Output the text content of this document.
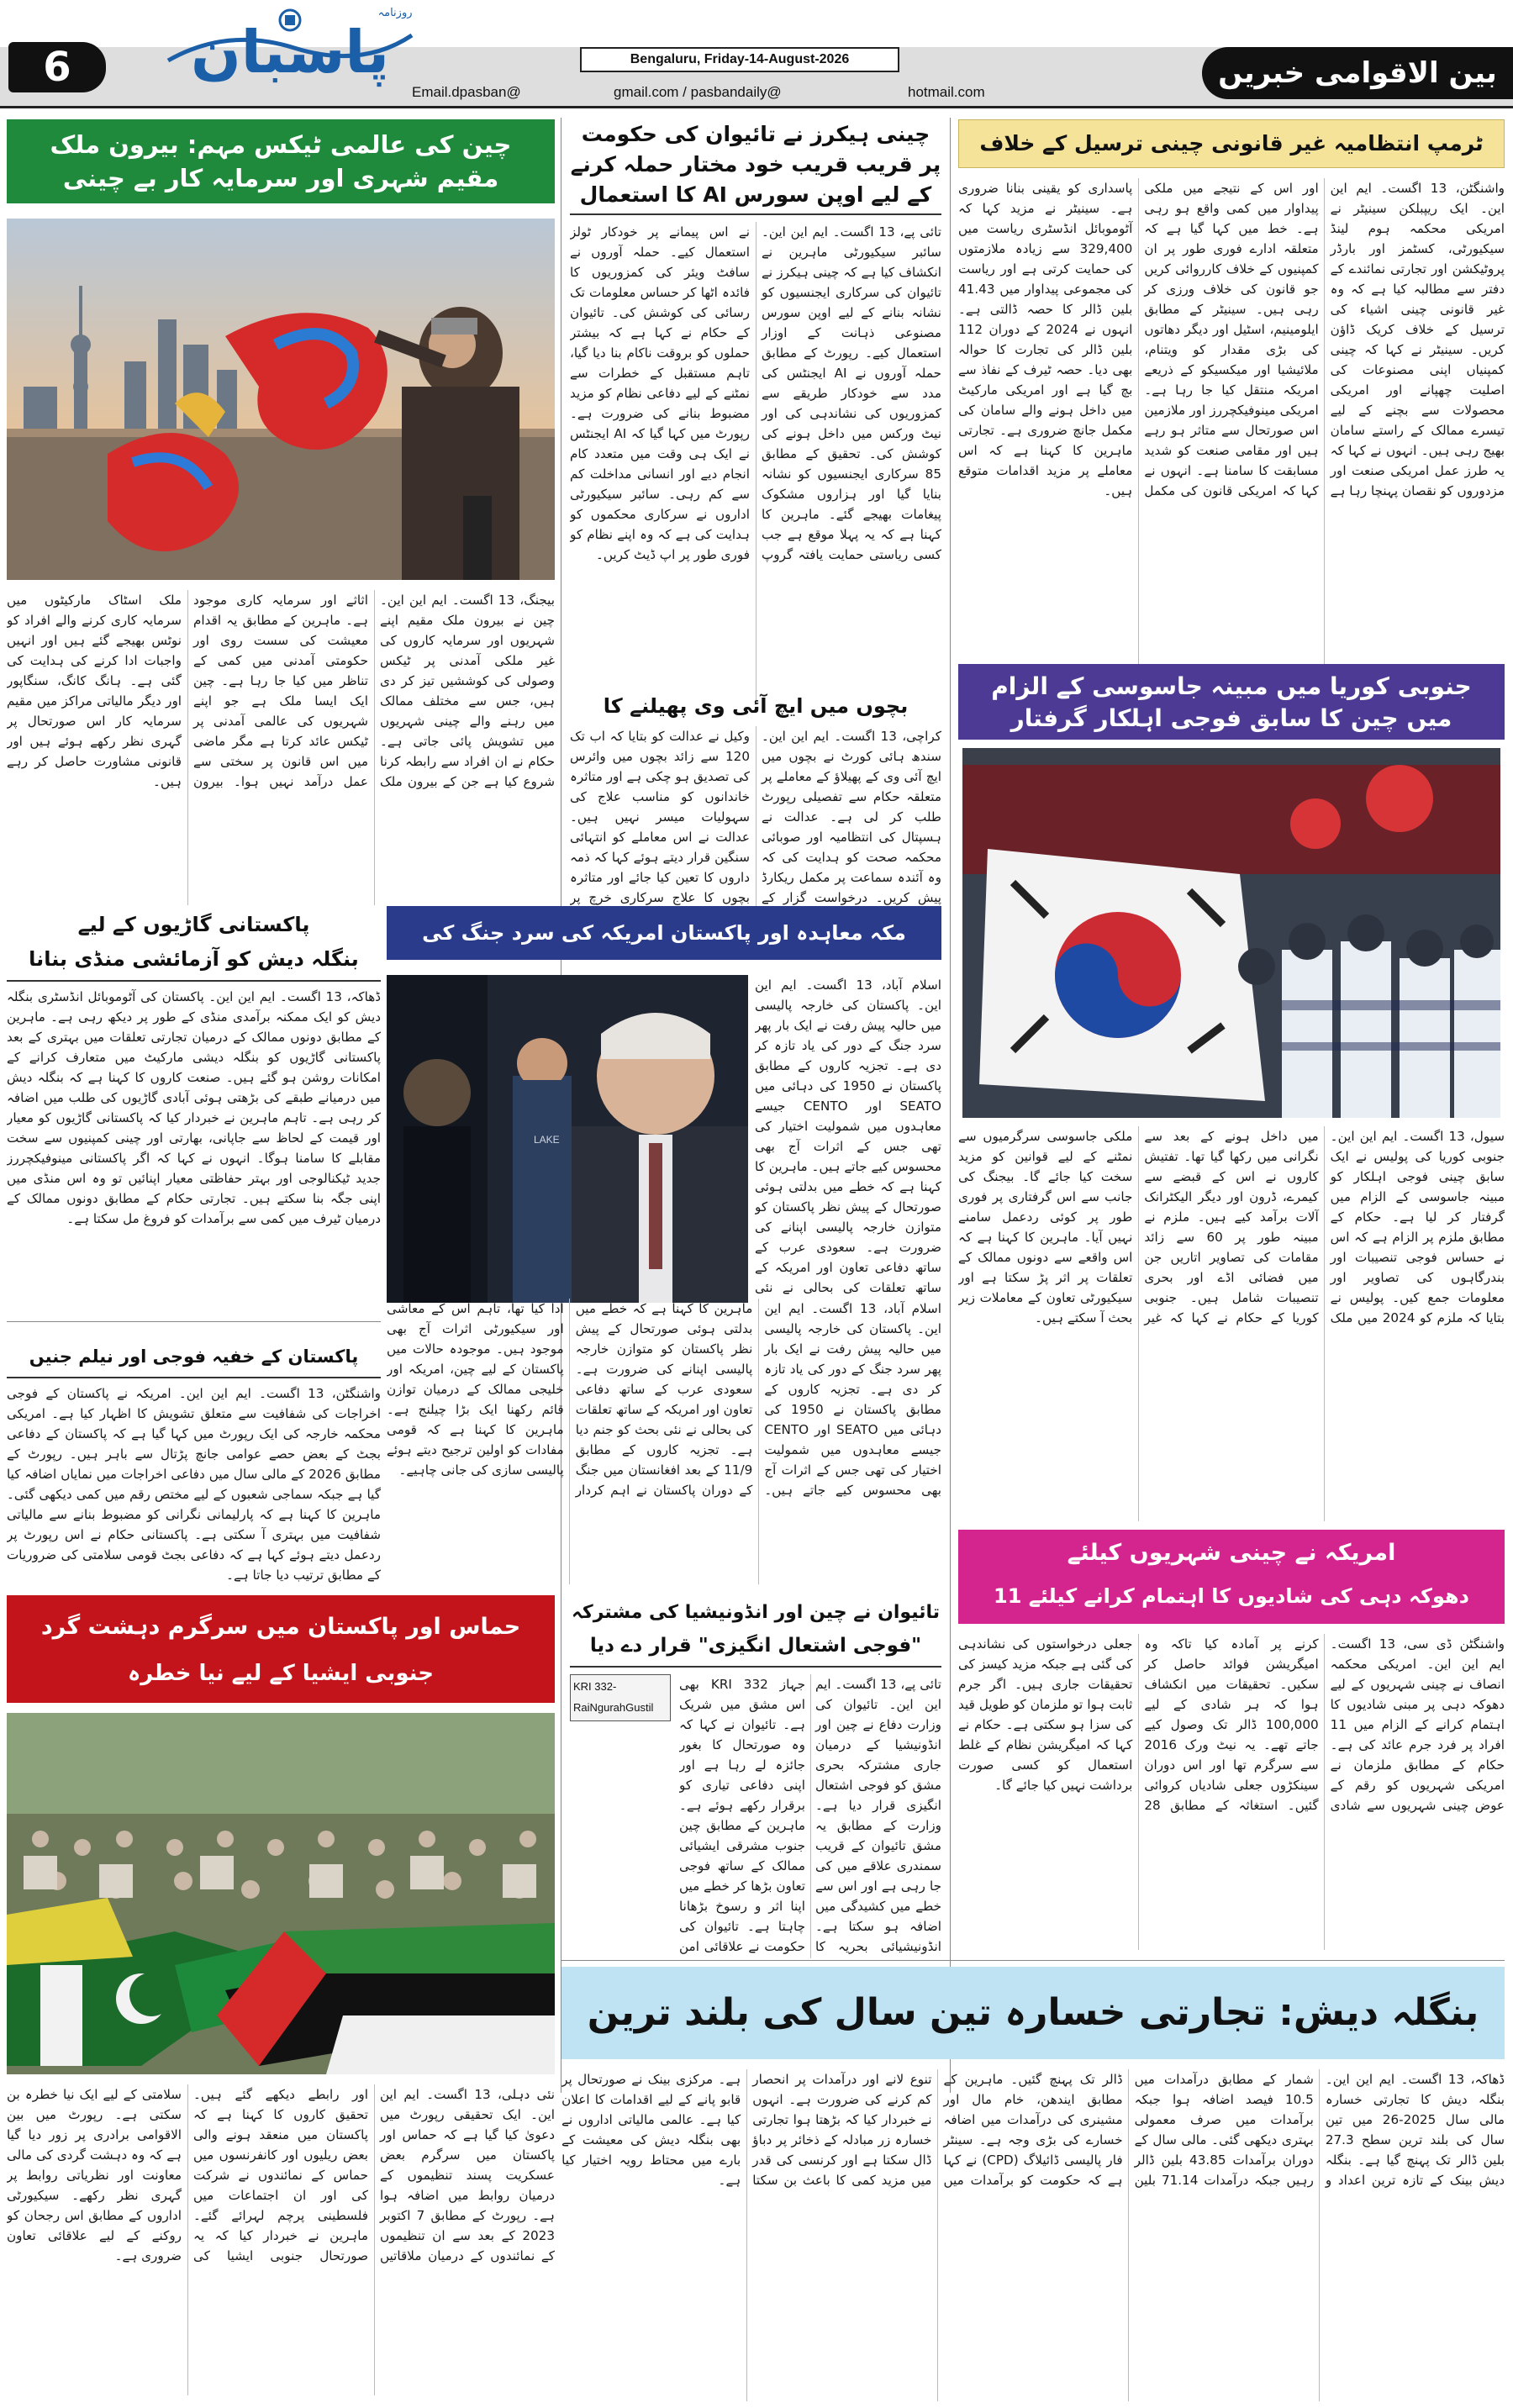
6	پاسبان
روزنامہ
Bengaluru, Friday-14-August-2026
Email.dpasban@	gmail.com / pasbandaily@	hotmail.com
بین الاقوامی خبریں
ٹرمپ انتظامیہ غیر قانونی چینی ترسیل کے خلاف
واشنگٹن، 13 اگست۔ ایم این این۔ ایک ریپبلکن سینیٹر نے امریکی محکمہ ہوم لینڈ سیکیورٹی، کسٹمز اور بارڈر پروٹیکشن اور تجارتی نمائندے کے دفتر سے مطالبہ کیا ہے کہ وہ غیر قانونی چینی اشیاء کی ترسیل کے خلاف کریک ڈاؤن کریں۔ سینیٹر نے کہا کہ چینی کمپنیاں اپنی مصنوعات کی اصلیت چھپانے اور امریکی محصولات سے بچنے کے لیے تیسرے ممالک کے راستے سامان بھیج رہی ہیں۔ انہوں نے کہا کہ یہ طرز عمل امریکی صنعت اور مزدوروں کو نقصان پہنچا رہا ہے اور اس کے نتیجے میں ملکی پیداوار میں کمی واقع ہو رہی ہے۔ خط میں کہا گیا ہے کہ متعلقہ ادارے فوری طور پر ان کمپنیوں کے خلاف کارروائی کریں جو قانون کی خلاف ورزی کر رہی ہیں۔ سینیٹر کے مطابق ایلومینیم، اسٹیل اور دیگر دھاتوں کی بڑی مقدار کو ویتنام، ملائیشیا اور میکسیکو کے ذریعے امریکہ منتقل کیا جا رہا ہے۔ امریکی مینوفیکچررز اور ملازمین اس صورتحال سے متاثر ہو رہے ہیں اور مقامی صنعت کو شدید مسابقت کا سامنا ہے۔ انہوں نے کہا کہ امریکی قانون کی مکمل پاسداری کو یقینی بنانا ضروری ہے۔ سینیٹر نے مزید کہا کہ آٹوموبائل انڈسٹری ریاست میں 329,400 سے زیادہ ملازمتوں کی حمایت کرتی ہے اور ریاست کی مجموعی پیداوار میں 41.43 بلین ڈالر کا حصہ ڈالتی ہے۔ انہوں نے 2024 کے دوران 112 بلین ڈالر کی تجارت کا حوالہ بھی دیا۔ حصہ ٹیرف کے نفاذ سے بچ گیا ہے اور امریکی مارکیٹ میں داخل ہونے والے سامان کی مکمل جانچ ضروری ہے۔ تجارتی ماہرین کا کہنا ہے کہ اس معاملے پر مزید اقدامات متوقع ہیں۔
جنوبی کوریا میں مبینہ جاسوسی کے الزام میں چین کا سابق فوجی اہلکار گرفتار
سیول، 13 اگست۔ ایم این این۔ جنوبی کوریا کی پولیس نے ایک سابق چینی فوجی اہلکار کو مبینہ جاسوسی کے الزام میں گرفتار کر لیا ہے۔ حکام کے مطابق ملزم پر الزام ہے کہ اس نے حساس فوجی تنصیبات اور بندرگاہوں کی تصاویر اور معلومات جمع کیں۔ پولیس نے بتایا کہ ملزم کو 2024 میں ملک میں داخل ہونے کے بعد سے نگرانی میں رکھا گیا تھا۔ تفتیش کاروں نے اس کے قبضے سے کیمرے، ڈرون اور دیگر الیکٹرانک آلات برآمد کیے ہیں۔ ملزم نے مبینہ طور پر 60 سے زائد مقامات کی تصاویر اتاریں جن میں فضائی اڈے اور بحری تنصیبات شامل ہیں۔ جنوبی کوریا کے حکام نے کہا کہ غیر ملکی جاسوسی سرگرمیوں سے نمٹنے کے لیے قوانین کو مزید سخت کیا جائے گا۔ بیجنگ کی جانب سے اس گرفتاری پر فوری طور پر کوئی ردعمل سامنے نہیں آیا۔ ماہرین کا کہنا ہے کہ اس واقعے سے دونوں ممالک کے تعلقات پر اثر پڑ سکتا ہے اور سیکیورٹی تعاون کے معاملات زیر بحث آ سکتے ہیں۔
امریکہ نے چینی شہریوں کیلئے
دھوکہ دہی کی شادیوں کا اہتمام کرانے کیلئے 11
واشنگٹن ڈی سی، 13 اگست۔ ایم این این۔ امریکی محکمہ انصاف نے چینی شہریوں کے لیے دھوکہ دہی پر مبنی شادیوں کا اہتمام کرانے کے الزام میں 11 افراد پر فرد جرم عائد کی ہے۔ حکام کے مطابق ملزمان نے امریکی شہریوں کو رقم کے عوض چینی شہریوں سے شادی کرنے پر آمادہ کیا تاکہ وہ امیگریشن فوائد حاصل کر سکیں۔ تحقیقات میں انکشاف ہوا کہ ہر شادی کے لیے 100,000 ڈالر تک وصول کیے جاتے تھے۔ یہ نیٹ ورک 2016 سے سرگرم تھا اور اس دوران سینکڑوں جعلی شادیاں کروائی گئیں۔ استغاثہ کے مطابق 28 جعلی درخواستوں کی نشاندہی کی گئی ہے جبکہ مزید کیسز کی تحقیقات جاری ہیں۔ اگر جرم ثابت ہوا تو ملزمان کو طویل قید کی سزا ہو سکتی ہے۔ حکام نے کہا کہ امیگریشن نظام کے غلط استعمال کو کسی صورت برداشت نہیں کیا جائے گا۔
چینی ہیکرز نے تائیوان کی حکومت پر قریب قریب خود مختار حملہ کرنے کے لیے اوپن سورس AI کا استعمال
تائی پے، 13 اگست۔ ایم این این۔ سائبر سیکیورٹی ماہرین نے انکشاف کیا ہے کہ چینی ہیکرز نے تائیوان کی سرکاری ایجنسیوں کو نشانہ بنانے کے لیے اوپن سورس مصنوعی ذہانت کے اوزار استعمال کیے۔ رپورٹ کے مطابق حملہ آوروں نے AI ایجنٹس کی مدد سے خودکار طریقے سے کمزوریوں کی نشاندہی کی اور نیٹ ورکس میں داخل ہونے کی کوشش کی۔ تحقیق کے مطابق 85 سرکاری ایجنسیوں کو نشانہ بنایا گیا اور ہزاروں مشکوک پیغامات بھیجے گئے۔ ماہرین کا کہنا ہے کہ یہ پہلا موقع ہے جب کسی ریاستی حمایت یافتہ گروپ نے اس پیمانے پر خودکار ٹولز استعمال کیے۔ حملہ آوروں نے سافٹ ویئر کی کمزوریوں کا فائدہ اٹھا کر حساس معلومات تک رسائی کی کوشش کی۔ تائیوان کے حکام نے کہا ہے کہ بیشتر حملوں کو بروقت ناکام بنا دیا گیا، تاہم مستقبل کے خطرات سے نمٹنے کے لیے دفاعی نظام کو مزید مضبوط بنانے کی ضرورت ہے۔ رپورٹ میں کہا گیا کہ AI ایجنٹس نے ایک ہی وقت میں متعدد کام انجام دیے اور انسانی مداخلت کم سے کم رہی۔ سائبر سیکیورٹی اداروں نے سرکاری محکموں کو ہدایت کی ہے کہ وہ اپنے نظام کو فوری طور پر اپ ڈیٹ کریں۔
بچوں میں ایچ آئی وی پھیلنے کا
کراچی، 13 اگست۔ ایم این این۔ سندھ ہائی کورٹ نے بچوں میں ایچ آئی وی کے پھیلاؤ کے معاملے پر متعلقہ حکام سے تفصیلی رپورٹ طلب کر لی ہے۔ عدالت نے ہسپتال کی انتظامیہ اور صوبائی محکمہ صحت کو ہدایت کی کہ وہ آئندہ سماعت پر مکمل ریکارڈ پیش کریں۔ درخواست گزار کے وکیل نے عدالت کو بتایا کہ اب تک 120 سے زائد بچوں میں وائرس کی تصدیق ہو چکی ہے اور متاثرہ خاندانوں کو مناسب علاج کی سہولیات میسر نہیں ہیں۔ عدالت نے اس معاملے کو انتہائی سنگین قرار دیتے ہوئے کہا کہ ذمہ داروں کا تعین کیا جائے اور متاثرہ بچوں کا علاج سرکاری خرچ پر
مکہ معاہدہ اور پاکستان امریکہ کی سرد جنگ کی
LAKE
اسلام آباد، 13 اگست۔ ایم این این۔ پاکستان کی خارجہ پالیسی میں حالیہ پیش رفت نے ایک بار پھر سرد جنگ کے دور کی یاد تازہ کر دی ہے۔ تجزیہ کاروں کے مطابق پاکستان نے 1950 کی دہائی میں SEATO اور CENTO جیسے معاہدوں میں شمولیت اختیار کی تھی جس کے اثرات آج بھی محسوس کیے جاتے ہیں۔ ماہرین کا کہنا ہے کہ خطے میں بدلتی ہوئی صورتحال کے پیش نظر پاکستان کو متوازن خارجہ پالیسی اپنانے کی ضرورت ہے۔ سعودی عرب کے ساتھ دفاعی تعاون اور امریکہ کے ساتھ تعلقات کی بحالی نے نئی
اسلام آباد، 13 اگست۔ ایم این این۔ پاکستان کی خارجہ پالیسی میں حالیہ پیش رفت نے ایک بار پھر سرد جنگ کے دور کی یاد تازہ کر دی ہے۔ تجزیہ کاروں کے مطابق پاکستان نے 1950 کی دہائی میں SEATO اور CENTO جیسے معاہدوں میں شمولیت اختیار کی تھی جس کے اثرات آج بھی محسوس کیے جاتے ہیں۔ ماہرین کا کہنا ہے کہ خطے میں بدلتی ہوئی صورتحال کے پیش نظر پاکستان کو متوازن خارجہ پالیسی اپنانے کی ضرورت ہے۔ سعودی عرب کے ساتھ دفاعی تعاون اور امریکہ کے ساتھ تعلقات کی بحالی نے نئی بحث کو جنم دیا ہے۔ تجزیہ کاروں کے مطابق 11/9 کے بعد افغانستان میں جنگ کے دوران پاکستان نے اہم کردار ادا کیا تھا، تاہم اس کے معاشی اور سیکیورٹی اثرات آج بھی موجود ہیں۔ موجودہ حالات میں پاکستان کے لیے چین، امریکہ اور خلیجی ممالک کے درمیان توازن قائم رکھنا ایک بڑا چیلنج ہے۔ ماہرین کا کہنا ہے کہ قومی مفادات کو اولین ترجیح دیتے ہوئے پالیسی سازی کی جانی چاہیے۔
تائیوان نے چین اور انڈونیشیا کی مشترکہ
"فوجی اشتعال انگیزی" قرار دے دیا
KRI 332-RaiNgurahGustil
تائی پے، 13 اگست۔ ایم این این۔ تائیوان کی وزارت دفاع نے چین اور انڈونیشیا کے درمیان جاری مشترکہ بحری مشق کو فوجی اشتعال انگیزی قرار دیا ہے۔ وزارت کے مطابق یہ مشق تائیوان کے قریب سمندری علاقے میں کی جا رہی ہے اور اس سے خطے میں کشیدگی میں اضافہ ہو سکتا ہے۔ انڈونیشیائی بحریہ کا جہاز KRI 332 بھی اس مشق میں شریک ہے۔ تائیوان نے کہا کہ وہ صورتحال کا بغور جائزہ لے رہا ہے اور اپنی دفاعی تیاری کو برقرار رکھے ہوئے ہے۔ ماہرین کے مطابق چین جنوب مشرقی ایشیائی ممالک کے ساتھ فوجی تعاون بڑھا کر خطے میں اپنا اثر و رسوخ بڑھانا چاہتا ہے۔ تائیوان کی حکومت نے علاقائی امن
چین کی عالمی ٹیکس مہم: بیرون ملک مقیم شہری اور سرمایہ کار بے چینی
بیجنگ، 13 اگست۔ ایم این این۔ چین نے بیرون ملک مقیم اپنے شہریوں اور سرمایہ کاروں کی غیر ملکی آمدنی پر ٹیکس وصولی کی کوششیں تیز کر دی ہیں، جس سے مختلف ممالک میں رہنے والے چینی شہریوں میں تشویش پائی جاتی ہے۔ حکام نے ان افراد سے رابطہ کرنا شروع کیا ہے جن کے بیرون ملک اثاثے اور سرمایہ کاری موجود ہے۔ ماہرین کے مطابق یہ اقدام معیشت کی سست روی اور حکومتی آمدنی میں کمی کے تناظر میں کیا جا رہا ہے۔ چین ایک ایسا ملک ہے جو اپنے شہریوں کی عالمی آمدنی پر ٹیکس عائد کرتا ہے مگر ماضی میں اس قانون پر سختی سے عمل درآمد نہیں ہوا۔ بیرون ملک اسٹاک مارکیٹوں میں سرمایہ کاری کرنے والے افراد کو نوٹس بھیجے گئے ہیں اور انہیں واجبات ادا کرنے کی ہدایت کی گئی ہے۔ ہانگ کانگ، سنگاپور اور دیگر مالیاتی مراکز میں مقیم سرمایہ کار اس صورتحال پر گہری نظر رکھے ہوئے ہیں اور قانونی مشاورت حاصل کر رہے ہیں۔
پاکستانی گاڑیوں کے لیے
بنگلہ دیش کو آزمائشی منڈی بنانا
ڈھاکہ، 13 اگست۔ ایم این این۔ پاکستان کی آٹوموبائل انڈسٹری بنگلہ دیش کو ایک ممکنہ برآمدی منڈی کے طور پر دیکھ رہی ہے۔ ماہرین کے مطابق دونوں ممالک کے درمیان تجارتی تعلقات میں بہتری کے بعد پاکستانی گاڑیوں کو بنگلہ دیشی مارکیٹ میں متعارف کرانے کے امکانات روشن ہو گئے ہیں۔ صنعت کاروں کا کہنا ہے کہ بنگلہ دیش میں درمیانے طبقے کی بڑھتی ہوئی آبادی گاڑیوں کی طلب میں اضافہ کر رہی ہے۔ تاہم ماہرین نے خبردار کیا کہ پاکستانی گاڑیوں کو معیار اور قیمت کے لحاظ سے جاپانی، بھارتی اور چینی کمپنیوں سے سخت مقابلے کا سامنا ہوگا۔ انہوں نے کہا کہ اگر پاکستانی مینوفیکچررز جدید ٹیکنالوجی اور بہتر حفاظتی معیار اپنائیں تو وہ اس منڈی میں اپنی جگہ بنا سکتے ہیں۔ تجارتی حکام کے مطابق دونوں ممالک کے درمیان ٹیرف میں کمی سے برآمدات کو فروغ مل سکتا ہے۔
پاکستان کے خفیہ فوجی اور نیلم جنیں
واشنگٹن، 13 اگست۔ ایم این این۔ امریکہ نے پاکستان کے فوجی اخراجات کی شفافیت سے متعلق تشویش کا اظہار کیا ہے۔ امریکی محکمہ خارجہ کی ایک رپورٹ میں کہا گیا ہے کہ پاکستان کے دفاعی بجٹ کے بعض حصے عوامی جانچ پڑتال سے باہر ہیں۔ رپورٹ کے مطابق 2026 کے مالی سال میں دفاعی اخراجات میں نمایاں اضافہ کیا گیا ہے جبکہ سماجی شعبوں کے لیے مختص رقم میں کمی دیکھی گئی۔ ماہرین کا کہنا ہے کہ پارلیمانی نگرانی کو مضبوط بنانے سے مالیاتی شفافیت میں بہتری آ سکتی ہے۔ پاکستانی حکام نے اس رپورٹ پر ردعمل دیتے ہوئے کہا ہے کہ دفاعی بجٹ قومی سلامتی کی ضروریات کے مطابق ترتیب دیا جاتا ہے۔
حماس اور پاکستان میں سرگرم دہشت گرد
جنوبی ایشیا کے لیے نیا خطرہ
نئی دہلی، 13 اگست۔ ایم این این۔ ایک تحقیقی رپورٹ میں دعویٰ کیا گیا ہے کہ حماس اور پاکستان میں سرگرم بعض عسکریت پسند تنظیموں کے درمیان روابط میں اضافہ ہوا ہے۔ رپورٹ کے مطابق 7 اکتوبر 2023 کے بعد سے ان تنظیموں کے نمائندوں کے درمیان ملاقاتیں اور رابطے دیکھے گئے ہیں۔ تحقیق کاروں کا کہنا ہے کہ پاکستان میں منعقد ہونے والی بعض ریلیوں اور کانفرنسوں میں حماس کے نمائندوں نے شرکت کی اور ان اجتماعات میں فلسطینی پرچم لہرائے گئے۔ ماہرین نے خبردار کیا کہ یہ صورتحال جنوبی ایشیا کی سلامتی کے لیے ایک نیا خطرہ بن سکتی ہے۔ رپورٹ میں بین الاقوامی برادری پر زور دیا گیا ہے کہ وہ دہشت گردی کی مالی معاونت اور نظریاتی روابط پر گہری نظر رکھے۔ سیکیورٹی اداروں کے مطابق اس رجحان کو روکنے کے لیے علاقائی تعاون ضروری ہے۔
بنگلہ دیش: تجارتی خسارہ تین سال کی بلند ترین
ڈھاکہ، 13 اگست۔ ایم این این۔ بنگلہ دیش کا تجارتی خسارہ مالی سال 2025-26 میں تین سال کی بلند ترین سطح 27.3 بلین ڈالر تک پہنچ گیا ہے۔ بنگلہ دیش بینک کے تازہ ترین اعداد و شمار کے مطابق درآمدات میں 10.5 فیصد اضافہ ہوا جبکہ برآمدات میں صرف معمولی بہتری دیکھی گئی۔ مالی سال کے دوران برآمدات 43.85 بلین ڈالر رہیں جبکہ درآمدات 71.14 بلین ڈالر تک پہنچ گئیں۔ ماہرین کے مطابق ایندھن، خام مال اور مشینری کی درآمدات میں اضافہ خسارے کی بڑی وجہ ہے۔ سینٹر فار پالیسی ڈائیلاگ (CPD) نے کہا ہے کہ حکومت کو برآمدات میں تنوع لانے اور درآمدات پر انحصار کم کرنے کی ضرورت ہے۔ انہوں نے خبردار کیا کہ بڑھتا ہوا تجارتی خسارہ زر مبادلہ کے ذخائر پر دباؤ ڈال سکتا ہے اور کرنسی کی قدر میں مزید کمی کا باعث بن سکتا ہے۔ مرکزی بینک نے صورتحال پر قابو پانے کے لیے اقدامات کا اعلان کیا ہے۔ عالمی مالیاتی اداروں نے بھی بنگلہ دیش کی معیشت کے بارے میں محتاط رویہ اختیار کیا ہے۔
